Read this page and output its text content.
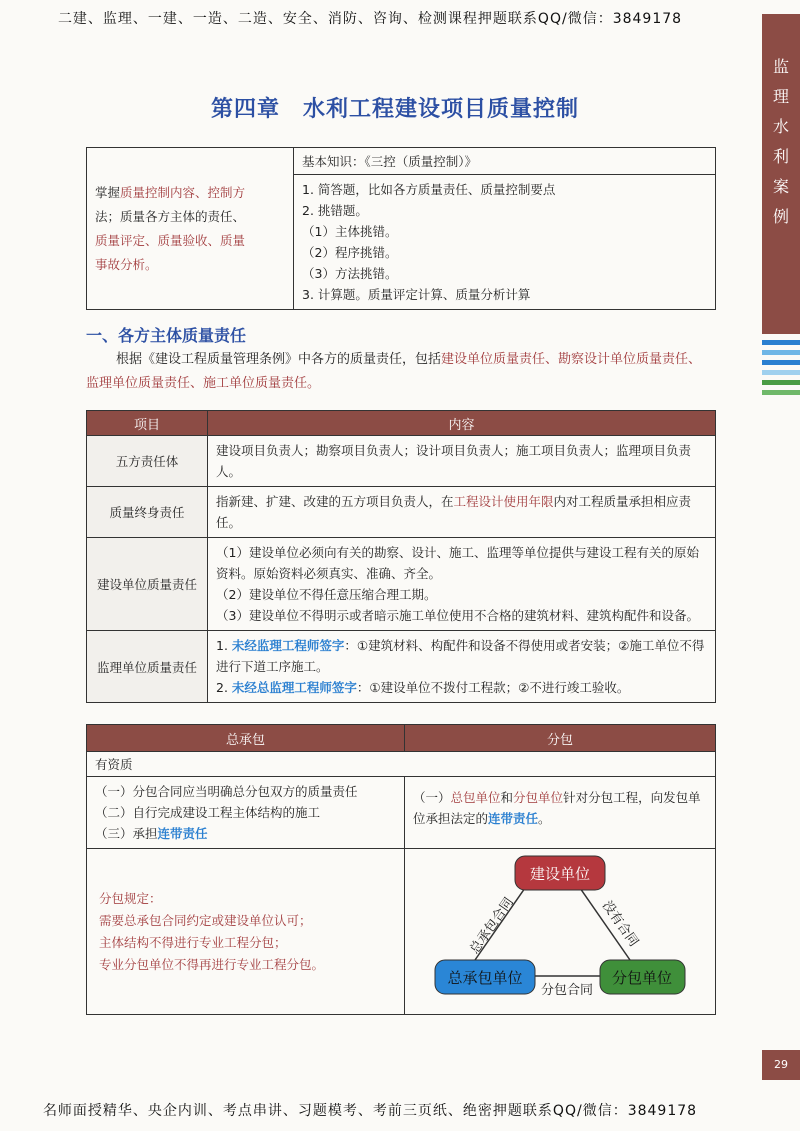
二建、监理、一建、一造、二造、安全、消防、咨询、检测课程押题联系QQ/微信：3849178
监
理
水
利
案
例
29
第四章　水利工程建设项目质量控制
掌握质量控制内容、控制方
法；质量各方主体的责任、
质量评定、质量验收、质量
事故分析。	基本知识：《三控（质量控制）》

1. 简答题，比如各方质量责任、质量控制要点
2. 挑错题。
（1）主体挑错。
（2）程序挑错。
（3）方法挑错。
3. 计算题。质量评定计算、质量分析计算
一、各方主体质量责任
根据《建设工程质量管理条例》中各方的质量责任，包括建设单位质量责任、勘察设计单位质量责任、监理单位质量责任、施工单位质量责任。
项目	内容
五方责任体	建设项目负责人；勘察项目负责人；设计项目负责人；施工项目负责人；监理项目负责人。
质量终身责任	指新建、扩建、改建的五方项目负责人，在工程设计使用年限内对工程质量承担相应责任。
建设单位质量责任	（1）建设单位必须向有关的勘察、设计、施工、监理等单位提供与建设工程有关的原始资料。原始资料必须真实、准确、齐全。
（2）建设单位不得任意压缩合理工期。
（3）建设单位不得明示或者暗示施工单位使用不合格的建筑材料、建筑构配件和设备。

监理单位质量责任	1. 未经监理工程师签字：①建筑材料、构配件和设备不得使用或者安装；②施工单位不得进行下道工序施工。
2. 未经总监理工程师签字：①建设单位不拨付工程款；②不进行竣工验收。
总承包	分包
有资质	

（一）分包合同应当明确总分包双方的质量责任
（二）自行完成建设工程主体结构的施工
（三）承担连带责任	（一）总包单位和分包单位针对分包工程，向发包单位承担法定的连带责任。

分包规定：
需要总承包合同约定或建设单位认可；
主体结构不得进行专业工程分包；
专业分包单位不得再进行专业工程分包。	

总承包合同	没有合同
分包合同
建设单位
总承包单位	分包单位
名师面授精华、央企内训、考点串讲、习题模考、考前三页纸、绝密押题联系QQ/微信：3849178
